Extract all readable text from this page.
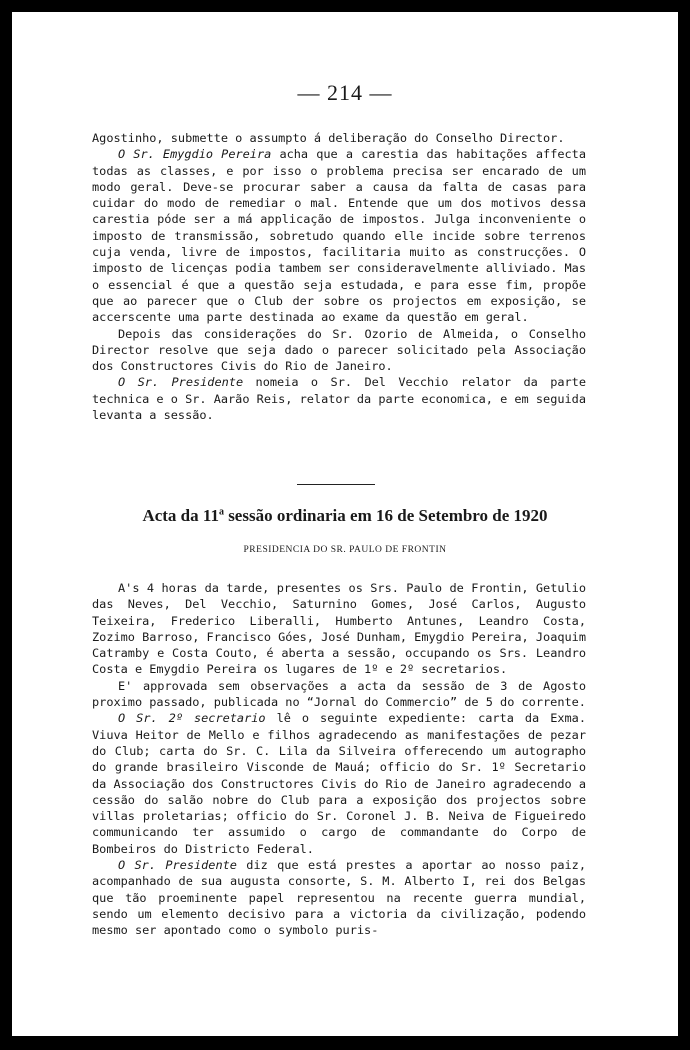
— 214 —

Agostinho, submette o assumpto á deliberação do Conselho Director.

O Sr. Emygdio Pereira acha que a carestia das habitações affecta todas as classes, e por isso o problema precisa ser encarado de um modo geral. Deve-se procurar saber a causa da falta de casas para cuidar do modo de remediar o mal. Entende que um dos motivos dessa carestia póde ser a má applicação de impostos. Julga inconveniente o imposto de transmissão, sobretudo quando elle incide sobre terrenos cuja venda, livre de impostos, facilitaria muito as construcções. O imposto de licenças podia tambem ser consideravelmente alliviado. Mas o essencial é que a questão seja estudada, e para esse fim, propõe que ao parecer que o Club der sobre os projectos em exposição, se accerscente uma parte destinada ao exame da questão em geral.

Depois das considerações do Sr. Ozorio de Almeida, o Conselho Director resolve que seja dado o parecer solicitado pela Associação dos Constructores Civis do Rio de Janeiro.

O Sr. Presidente nomeia o Sr. Del Vecchio relator da parte technica e o Sr. Aarão Reis, relator da parte economica, e em seguida levanta a sessão.

Acta da 11$^a$ sessão ordinaria em 16 de Setembro de 1920
PRESIDENCIA DO SR. PAULO DE FRONTIN

A's 4 horas da tarde, presentes os Srs. Paulo de Frontin, Getulio das Neves, Del Vecchio, Saturnino Gomes, José Carlos, Augusto Teixeira, Frederico Liberalli, Humberto Antunes, Leandro Costa, Zozimo Barroso, Francisco Góes, José Dunham, Emygdio Pereira, Joaquim Catramby e Costa Couto, é aberta a sessão, occupando os Srs. Leandro Costa e Emygdio Pereira os lugares de 1º e 2º secretarios.

E' approvada sem observações a acta da sessão de 3 de Agosto proximo passado, publicada no “Jornal do Commercio” de 5 do corrente.

O Sr. 2º secretario lê o seguinte expediente: carta da Exma. Viuva Heitor de Mello e filhos agradecendo as manifestações de pezar do Club; carta do Sr. C. Lila da Silveira offerecendo um autographo do grande brasileiro Visconde de Mauá; officio do Sr. 1º Secretario da Associação dos Constructores Civis do Rio de Janeiro agradecendo a cessão do salão nobre do Club para a exposição dos projectos sobre villas proletarias; officio do Sr. Coronel J. B. Neiva de Figueiredo communicando ter assumido o cargo de commandante do Corpo de Bombeiros do Districto Federal.

O Sr. Presidente diz que está prestes a aportar ao nosso paiz, acompanhado de sua augusta consorte, S. M. Alberto I, rei dos Belgas que tão proeminente papel representou na recente guerra mundial, sendo um elemento decisivo para a victoria da civilização, podendo mesmo ser apontado como o symbolo puris-
